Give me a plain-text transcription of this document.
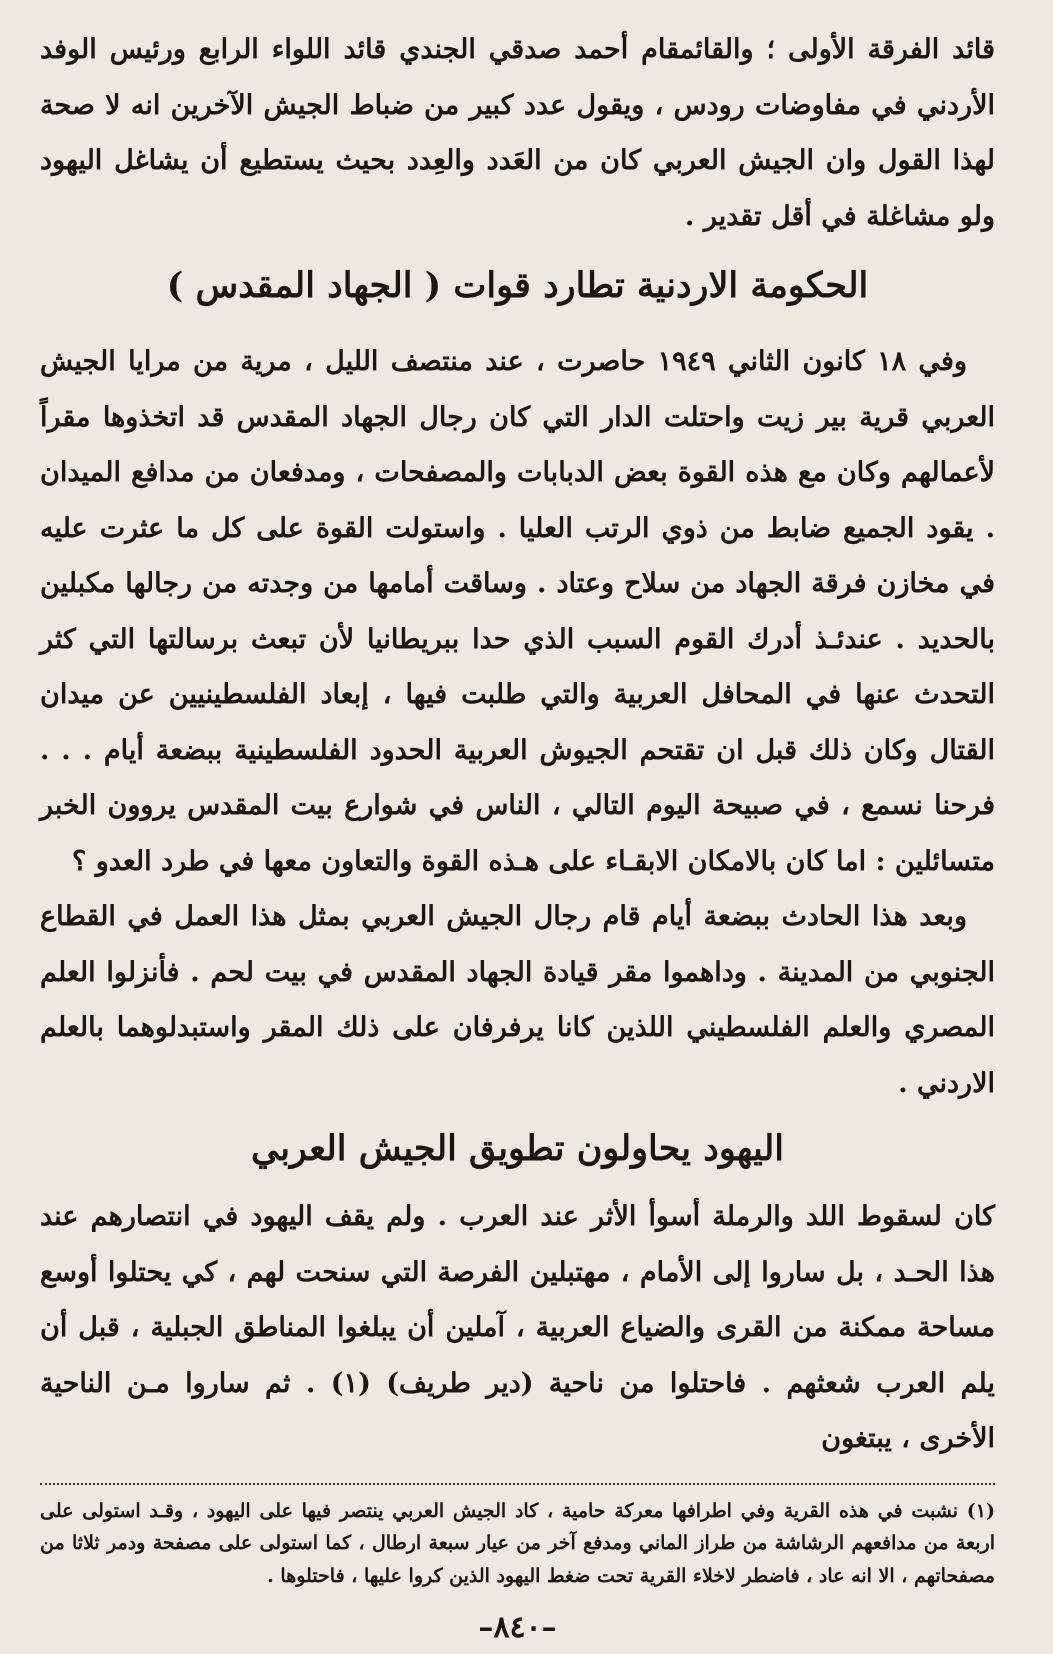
قائد الفرقة الأولى ؛ والقائمقام أحمد صدقي الجندي قائد اللواء الرابع ورئيس الوفد الأردني في مفاوضات رودس ، ويقول عدد كبير من ضباط الجيش الآخرين انه لا صحة لهذا القول وان الجيش العربي كان من العَدد والعِدد بحيث يستطيع أن يشاغل اليهود ولو مشاغلة في أقل تقدير .

الحكومة الاردنية تطارد قوات ( الجهاد المقدس )

وفي ١٨ كانون الثاني ١٩٤٩ حاصرت ، عند منتصف الليل ، مرية من مرايا الجيش العربي قرية بير زيت واحتلت الدار التي كان رجال الجهاد المقدس قد اتخذوها مقراً لأعمالهم وكان مع هذه القوة بعض الدبابات والمصفحات ، ومدفعان من مدافع الميدان . يقود الجميع ضابط من ذوي الرتب العليا . واستولت القوة على كل ما عثرت عليه في مخازن فرقة الجهاد من سلاح وعتاد . وساقت أمامها من وجدته من رجالها مكبلين بالحديد . عندئـذ أدرك القوم السبب الذي حدا ببريطانيا لأن تبعث برسالتها التي كثر التحدث عنها في المحافل العربية والتي طلبت فيها ، إبعاد الفلسطينيين عن ميدان القتال وكان ذلك قبل ان تقتحم الجيوش العربية الحدود الفلسطينية ببضعة أيام . . . فرحنا نسمع ، في صبيحة اليوم التالي ، الناس في شوارع بيت المقدس يروون الخبر متسائلين : اما كان بالامكان الابقـاء على هـذه القوة والتعاون معها في طرد العدو ؟

وبعد هذا الحادث ببضعة أيام قام رجال الجيش العربي بمثل هذا العمل في القطاع الجنوبي من المدينة . وداهموا مقر قيادة الجهاد المقدس في بيت لحم . فأنزلوا العلم المصري والعلم الفلسطيني اللذين كانا يرفرفان على ذلك المقر واستبدلوهما بالعلم الاردني .

اليهود يحاولون تطويق الجيش العربي

كان لسقوط اللد والرملة أسوأ الأثر عند العرب . ولم يقف اليهود في انتصارهم عند هذا الحـد ، بل ساروا إلى الأمام ، مهتبلين الفرصة التي سنحت لهم ، كي يحتلوا أوسع مساحة ممكنة من القرى والضياع العربية ، آملين أن يبلغوا المناطق الجبلية ، قبل أن يلم العرب شعثهم . فاحتلوا من ناحية (دير طريف) (١) . ثم ساروا مـن الناحية الأخرى ، يبتغون

(١) نشبت في هذه القرية وفي اطرافها معركة حامية ، كاد الجيش العربي ينتصر فيها على اليهود ، وقـد استولى على اربعة من مدافعهم الرشاشة من طراز الماني ومدفع آخر من عيار سبعة ارطال ، كما استولى على مصفحة ودمر ثلاثا من مصفحاتهم ، الا انه عاد ، فاضطر لاخلاء القرية تحت ضغط اليهود الذين كروا عليها ، فاحتلوها .

–٨٤٠–
